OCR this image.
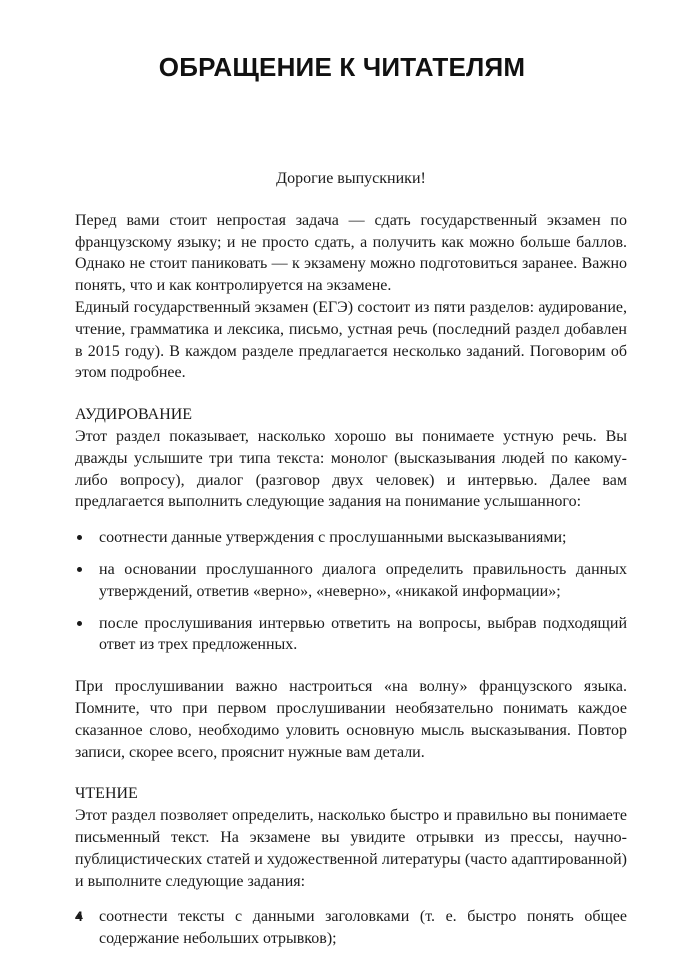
ОБРАЩЕНИЕ К ЧИТАТЕЛЯМ
Дорогие выпускники!

Перед вами стоит непростая задача — сдать государственный экзамен по французскому языку; и не просто сдать, а получить как можно больше баллов. Однако не стоит паниковать — к экзамену можно подготовиться заранее. Важно понять, что и как контролируется на экзамене.

Единый государственный экзамен (ЕГЭ) состоит из пяти разделов: аудирование, чтение, грамматика и лексика, письмо, устная речь (последний раздел добавлен в 2015 году). В каждом разделе предлагается несколько заданий. Поговорим об этом подробнее.

АУДИРОВАНИЕ

Этот раздел показывает, насколько хорошо вы понимаете устную речь. Вы дважды услышите три типа текста: монолог (высказывания людей по какому-либо вопросу), диалог (разговор двух человек) и интервью. Далее вам предлагается выполнить следующие задания на понимание услышанного:

соотнести данные утверждения с прослушанными высказываниями;
на основании прослушанного диалога определить правильность данных утверждений, ответив «верно», «неверно», «никакой информации»;
после прослушивания интервью ответить на вопросы, выбрав подходящий ответ из трех предложенных.

При прослушивании важно настроиться «на волну» французского языка. Помните, что при первом прослушивании необязательно понимать каждое сказанное слово, необходимо уловить основную мысль высказывания. Повтор записи, скорее всего, прояснит нужные вам детали.

ЧТЕНИЕ

Этот раздел позволяет определить, насколько быстро и правильно вы понимаете письменный текст. На экзамене вы увидите отрывки из прессы, научно-публицистических статей и художественной литературы (часто адаптированной) и выполните следующие задания:

соотнести тексты с данными заголовками (т. е. быстро понять общее содержание небольших отрывков);
4
